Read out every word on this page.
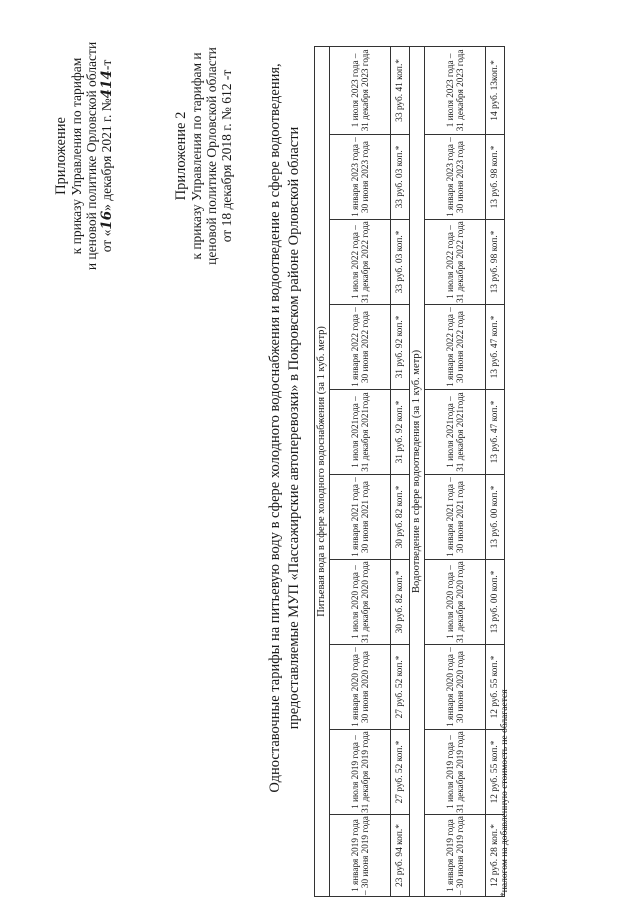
Приложение к приказу Управления по тарифам и ценовой политике Орловской области от «16» декабря 2021 г. №414-т
Приложение 2 к приказу Управления по тарифам и ценовой политике Орловской области от 18 декабря 2018 г. № 612 -т Одноставочные тарифы на питьевую воду в сфере холодного водоснабжения и водоотведение в сфере водоотведения, предоставляемые МУП «Пассажирские автоперевозки» в Покровском районе Орловской области Питьевая вода в сфере холодного водоснабжения (за 1 куб. метр)									
1 января 2019 года – 30 июня 2019 года	1 июля 2019 года – 31 декабря 2019 года	1 января 2020 года – 30 июня 2020 года	1 июля 2020 года – 31 декабря 2020 года	1 января 2021 года – 30 июня 2021 года	1 июля 2021года – 31 декабря 2021года	1 января 2022 года – 30 июня 2022 года	1 июля 2022 года – 31 декабря 2022 года	1 января 2023 года – 30 июня 2023 года	1 июля 2023 года – 31 декабря 2023 года
23 руб. 94 коп.*	27 руб. 52 коп.*	27 руб. 52 коп.*	30 руб. 82 коп.*	30 руб. 82 коп.*	31 руб. 92 коп.*	31 руб. 92 коп.*	33 руб. 03 коп.*	33 руб. 03 коп.*	33 руб. 41 коп.*
Водоотведение в сфере водоотведения (за 1 куб. метр)									
1 января 2019 года – 30 июня 2019 года	1 июля 2019 года – 31 декабря 2019 года	1 января 2020 года – 30 июня 2020 года	1 июля 2020 года – 31 декабря 2020 года	1 января 2021 года – 30 июня 2021 года	1 июля 2021года – 31 декабря 2021года	1 января 2022 года – 30 июня 2022 года	1 июля 2022 года – 31 декабря 2022 года	1 января 2023 года – 30 июня 2023 года	1 июля 2023 года – 31 декабря 2023 года
12 руб. 28 коп.*	12 руб. 55 коп.*	12 руб. 55 коп.*	13 руб. 00 коп.*	13 руб. 00 коп.*	13 руб. 47 коп.*	13 руб. 47 коп.*	13 руб. 98 коп.*	13 руб. 98 коп.*	14 руб. 13коп.*
*налогом на добавленную стоимость не облагается
